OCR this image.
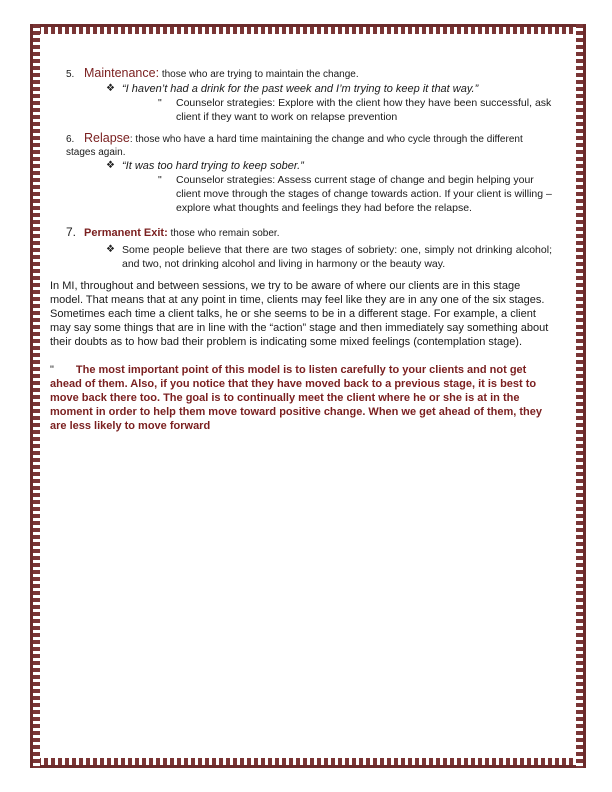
5. Maintenance: those who are trying to maintain the change.
❖ “I haven’t had a drink for the past week and I’m trying to keep it that way.”
" Counselor strategies: Explore with the client how they have been successful, ask client if they want to work on relapse prevention
6. Relapse: those who have a hard time maintaining the change and who cycle through the different stages again.
❖ “It was too hard trying to keep sober.”
" Counselor strategies: Assess current stage of change and begin helping your client move through the stages of change towards action. If your client is willing – explore what thoughts and feelings they had before the relapse.
7. Permanent Exit: those who remain sober.
❖ Some people believe that there are two stages of sobriety: one, simply not drinking alcohol; and two, not drinking alcohol and living in harmony or the beauty way.
In MI, throughout and between sessions, we try to be aware of where our clients are in this stage model. That means that at any point in time, clients may feel like they are in any one of the six stages. Sometimes each time a client talks, he or she seems to be in a different stage. For example, a client may say some things that are in line with the “action” stage and then immediately say something about their doubts as to how bad their problem is indicating some mixed feelings (contemplation stage).
" The most important point of this model is to listen carefully to your clients and not get ahead of them. Also, if you notice that they have moved back to a previous stage, it is best to move back there too. The goal is to continually meet the client where he or she is at in the moment in order to help them move toward positive change. When we get ahead of them, they are less likely to move forward
